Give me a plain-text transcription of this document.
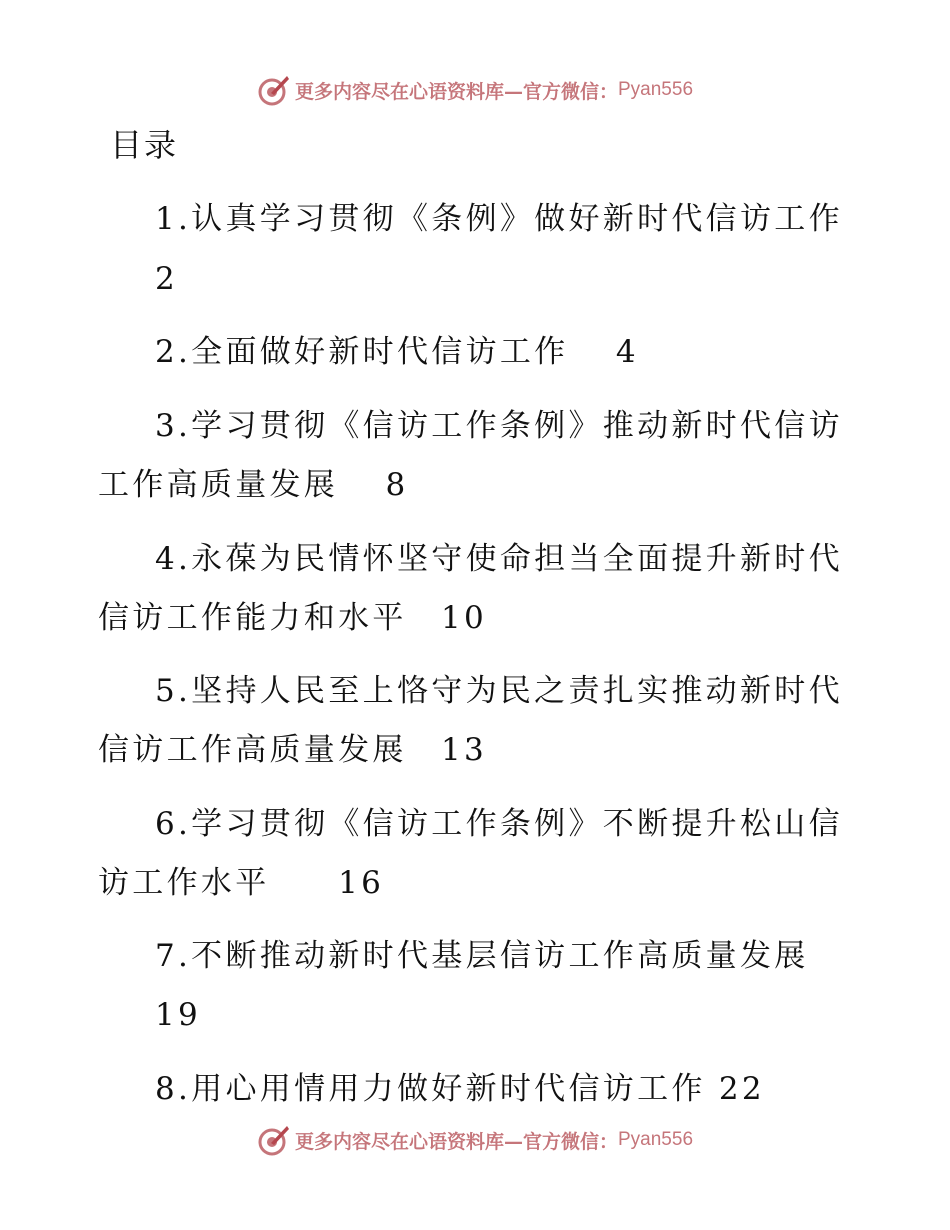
更多内容尽在心语资料库—官方微信： Pyan556
目录
1.认真学习贯彻《条例》做好新时代信访工作
2
2.全面做好新时代信访工作　 4
3.学习贯彻《信访工作条例》推动新时代信访
工作高质量发展　 8
4.永葆为民情怀坚守使命担当全面提升新时代
信访工作能力和水平　10
5.坚持人民至上恪守为民之责扎实推动新时代
信访工作高质量发展　13
6.学习贯彻《信访工作条例》不断提升松山信
访工作水平　　16
7.不断推动新时代基层信访工作高质量发展
19
8.用心用情用力做好新时代信访工作 22
更多内容尽在心语资料库—官方微信： Pyan556
